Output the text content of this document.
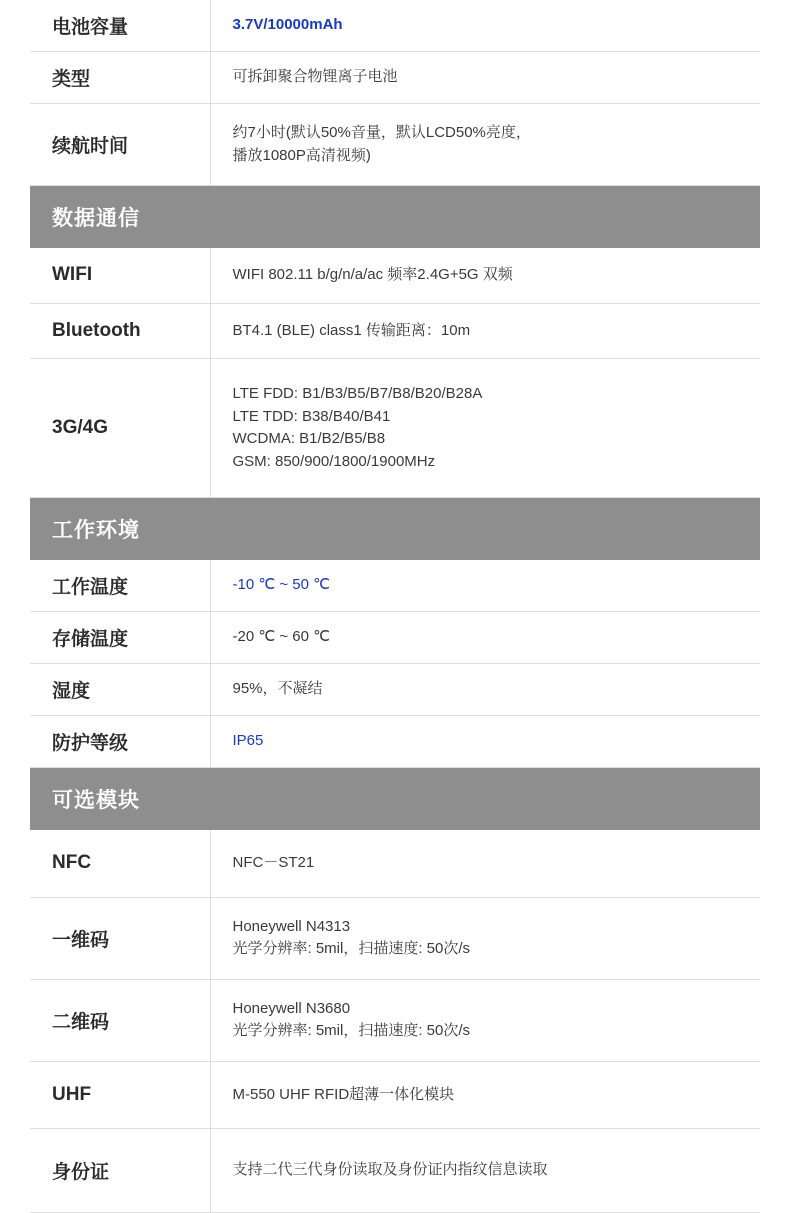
电池容量	3.7V/10000mAh

类型	可拆卸聚合物锂离子电池

续航时间	约7小时(默认50%音量，默认LCD50%亮度，
播放1080P高清视频)

数据通信	
WIFI	WIFI 802.11 b/g/n/a/ac 频率2.4G+5G 双频

Bluetooth	BT4.1 (BLE) class1 传输距离：10m

3G/4G	LTE FDD: B1/B3/B5/B7/B8/B20/B28A
LTE TDD: B38/B40/B41
WCDMA: B1/B2/B5/B8
GSM: 850/900/1800/1900MHz

工作环境	
工作温度	-10 ℃ ~ 50 ℃

存储温度	-20 ℃ ~ 60 ℃

湿度	95%，不凝结

防护等级	IP65

可选模块	
NFC	NFC－ST21

一维码	Honeywell N4313
光学分辨率: 5mil，扫描速度: 50次/s

二维码	Honeywell N3680
光学分辨率: 5mil，扫描速度: 50次/s

UHF	M-550 UHF RFID超薄一体化模块

身份证	支持二代三代身份读取及身份证内指纹信息读取
